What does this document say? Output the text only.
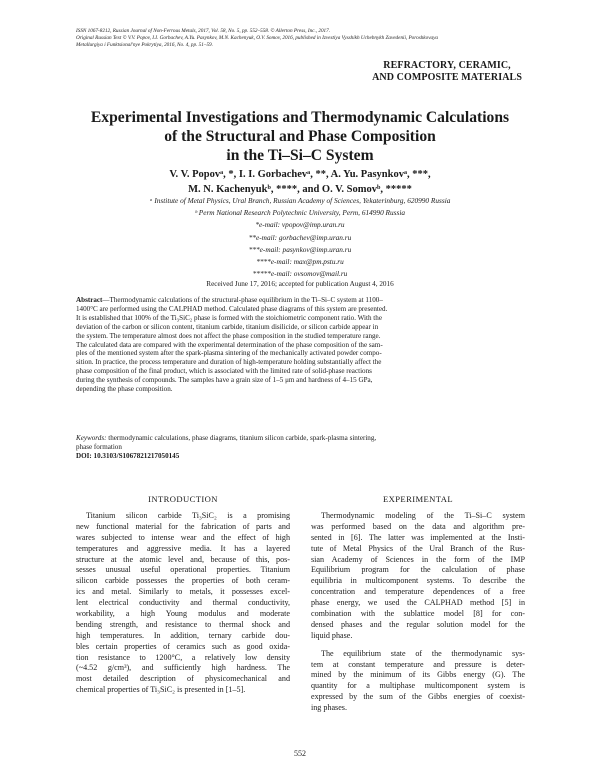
ISSN 1067-8212, Russian Journal of Non-Ferrous Metals, 2017, Vol. 58, No. 5, pp. 552–558. © Allerton Press, Inc., 2017.
Original Russian Text © V.V. Popov, I.I. Gorbachev, A.Yu. Pasynkov, M.N. Kachenyuk, O.V. Somov, 2016, published in Izvestiya Vysshikh Uchebnykh Zavedenii, Poroshkovaya
Metallurgiya i Funktsional'nye Pokrytiya, 2016, No. 4, pp. 51–59.
REFRACTORY, CERAMIC,
AND COMPOSITE MATERIALS
Experimental Investigations and Thermodynamic Calculations
of the Structural and Phase Composition
in the Ti–Si–C System
V. V. Popovᵃ, *, I. I. Gorbachevᵃ, **, A. Yu. Pasynkovᵃ, ***,
M. N. Kachenyukᵇ, ****, and O. V. Somovᵇ, *****
ᵃ Institute of Metal Physics, Ural Branch, Russian Academy of Sciences, Yekaterinburg, 620990 Russia
ᵇ Perm National Research Polytechnic University, Perm, 614990 Russia
*e-mail: vpopov@imp.uran.ru
**e-mail: gorbachev@imp.uran.ru
***e-mail: pasynkov@imp.uran.ru
****e-mail: max@pm.pstu.ru
*****e-mail: ovsomov@mail.ru
Received June 17, 2016; accepted for publication August 4, 2016
Abstract—Thermodynamic calculations of the structural-phase equilibrium in the Ti–Si–C system at 1100–
1400°C are performed using the CALPHAD method. Calculated phase diagrams of this system are presented.
It is established that 100% of the Ti₃SiC₂ phase is formed with the stoichiometric component ratio. With the
deviation of the carbon or silicon content, titanium carbide, titanium disilicide, or silicon carbide appear in
the system. The temperature almost does not affect the phase composition in the studied temperature range.
The calculated data are compared with the experimental determination of the phase composition of the sam-
ples of the mentioned system after the spark-plasma sintering of the mechanically activated powder compo-
sition. In practice, the process temperature and duration of high-temperature holding substantially affect the
phase composition of the final product, which is associated with the limited rate of solid-phase reactions
during the synthesis of compounds. The samples have a grain size of 1–5 μm and hardness of 4–15 GPa,
depending the phase composition.
Keywords: thermodynamic calculations, phase diagrams, titanium silicon carbide, spark-plasma sintering,
phase formation
DOI: 10.3103/S1067821217050145
INTRODUCTION	EXPERIMENTAL
Titanium silicon carbide Ti₃SiC₂ is a promising
new functional material for the fabrication of parts and
wares subjected to intense wear and the effect of high
temperatures and aggressive media. It has a layered
structure at the atomic level and, because of this, pos-
sesses unusual useful operational properties. Titanium
silicon carbide possesses the properties of both ceram-
ics and metal. Similarly to metals, it possesses excel-
lent electrical conductivity and thermal conductivity,
workability, a high Young modulus and moderate
bending strength, and resistance to thermal shock and
high temperatures. In addition, ternary carbide dou-
bles certain properties of ceramics such as good oxida-
tion resistance to 1200°C, a relatively low density
(~4.52 g/cm³), and sufficiently high hardness. The
most detailed description of physicomechanical and
chemical properties of Ti₃SiC₂ is presented in [1–5].
Thermodynamic modeling of the Ti–Si–C system
was performed based on the data and algorithm pre-
sented in [6]. The latter was implemented at the Insti-
tute of Metal Physics of the Ural Branch of the Rus-
sian Academy of Sciences in the form of the IMP
Equilibrium program for the calculation of phase
equilibria in multicomponent systems. To describe the
concentration and temperature dependences of a free
phase energy, we used the CALPHAD method [5] in
combination with the sublattice model [8] for con-
densed phases and the regular solution model for the
liquid phase.
The equilibrium state of the thermodynamic sys-
tem at constant temperature and pressure is deter-
mined by the minimum of its Gibbs energy (G). The
quantity for a multiphase multicomponent system is
expressed by the sum of the Gibbs energies of coexist-
ing phases.
552
